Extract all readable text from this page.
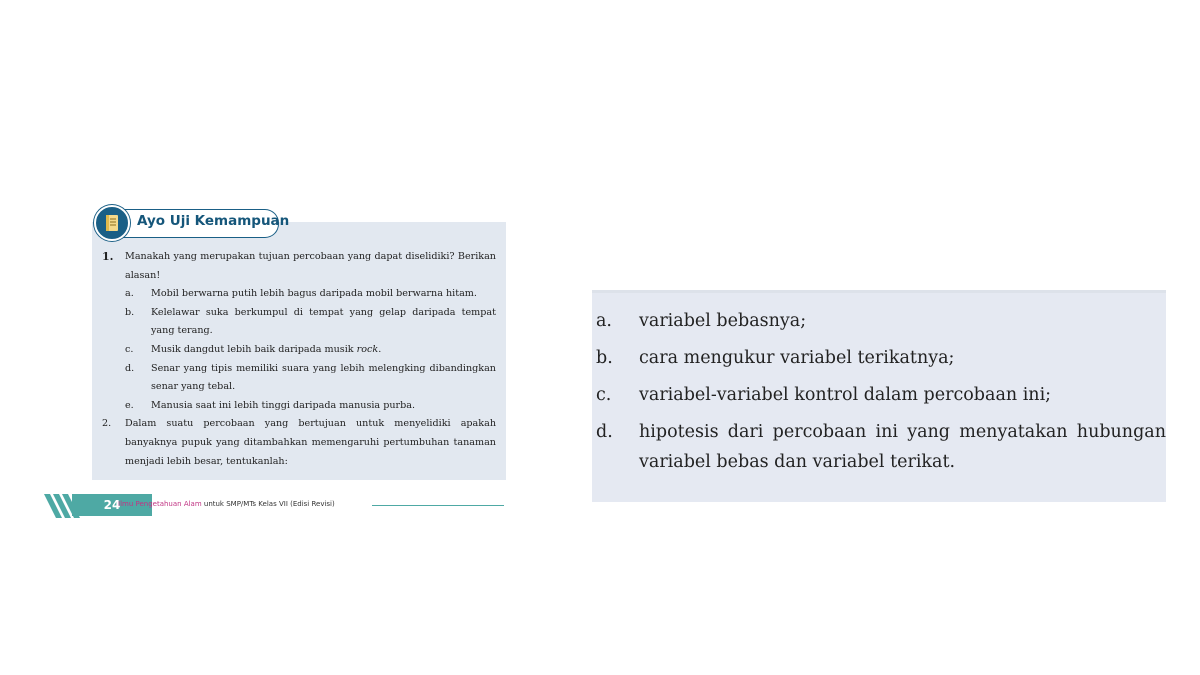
Ayo Uji Kemampuan
1. Manakah yang merupakan tujuan percobaan yang dapat diselidiki? Berikan alasan!
a. Mobil berwarna putih lebih bagus daripada mobil berwarna hitam.
b. Kelelawar suka berkumpul di tempat yang gelap daripada tempat yang terang.
c. Musik dangdut lebih baik daripada musik rock.
d. Senar yang tipis memiliki suara yang lebih melengking dibandingkan senar yang tebal.
e. Manusia saat ini lebih tinggi daripada manusia purba.
2. Dalam suatu percobaan yang bertujuan untuk menyelidiki apakah banyaknya pupuk yang ditambahkan memengaruhi pertumbuhan tanaman menjadi lebih besar, tentukanlah:
24
Ilmu Pengetahuan Alam untuk SMP/MTs Kelas VII (Edisi Revisi)
a. variabel bebasnya;
b. cara mengukur variabel terikatnya;
c. variabel-variabel kontrol dalam percobaan ini;
d. hipotesis dari percobaan ini yang menyatakan hubungan variabel bebas dan variabel terikat.
